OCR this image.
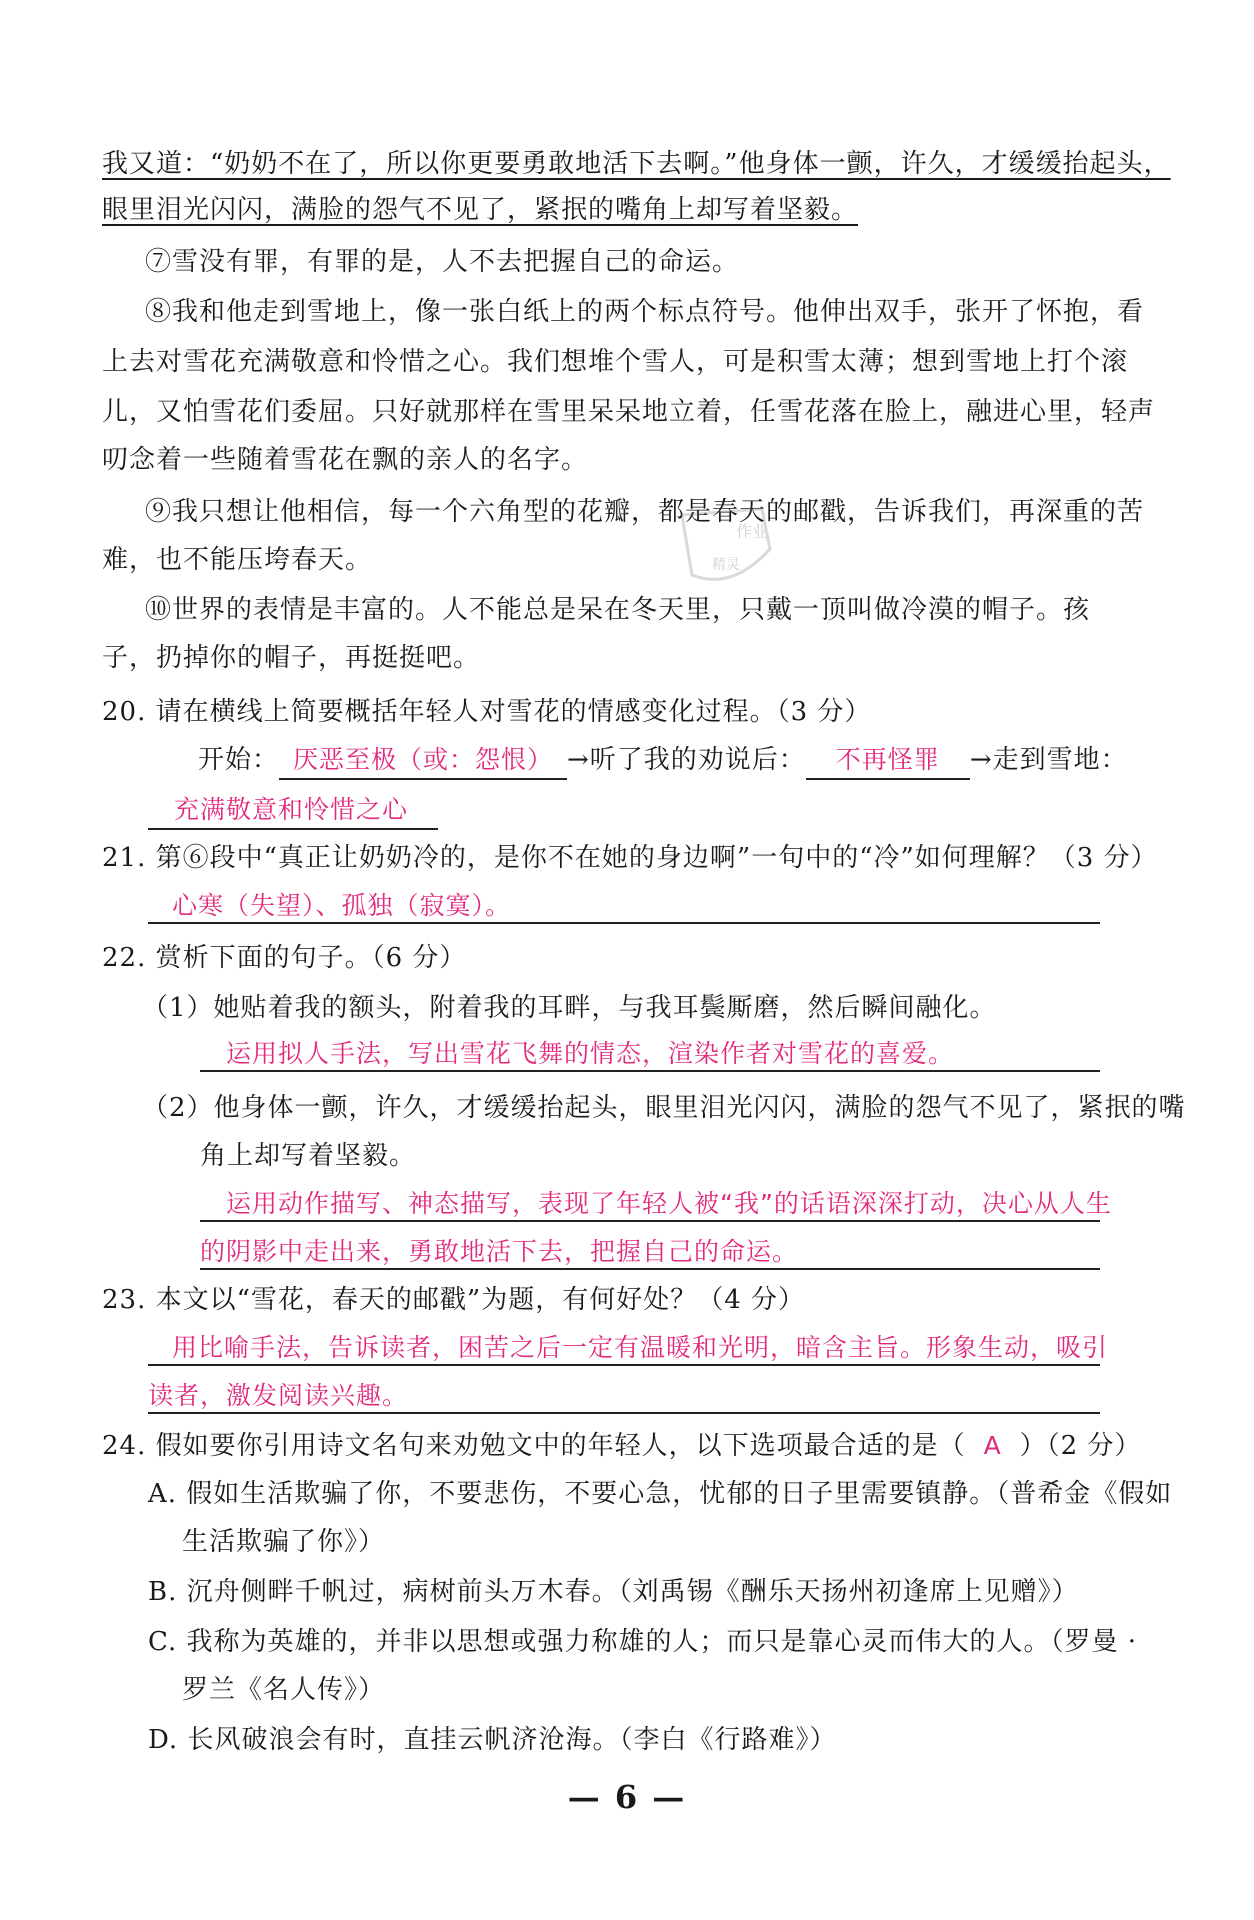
我又道：“奶奶不在了，所以你更要勇敢地活下去啊。”他身体一颤，许久，才缓缓抬起头，
眼里泪光闪闪，满脸的怨气不见了，紧抿的嘴角上却写着坚毅。
⑦雪没有罪，有罪的是，人不去把握自己的命运。
⑧我和他走到雪地上，像一张白纸上的两个标点符号。他伸出双手，张开了怀抱，看
上去对雪花充满敬意和怜惜之心。我们想堆个雪人，可是积雪太薄；想到雪地上打个滚
儿，又怕雪花们委屈。只好就那样在雪里呆呆地立着，任雪花落在脸上，融进心里，轻声
叨念着一些随着雪花在飘的亲人的名字。
⑨我只想让他相信，每一个六角型的花瓣，都是春天的邮戳，告诉我们，再深重的苦
难，也不能压垮春天。
⑩世界的表情是丰富的。人不能总是呆在冬天里，只戴一顶叫做冷漠的帽子。孩
子，扔掉你的帽子，再挺挺吧。
作业
精灵
20. 请在横线上简要概括年轻人对雪花的情感变化过程。（3 分）
开始： 厌恶至极（或：怨恨） →听了我的劝说后： 不再怪罪 →走到雪地：
充满敬意和怜惜之心
21. 第⑥段中“真正让奶奶冷的，是你不在她的身边啊”一句中的“冷”如何理解？（3 分）
心寒（失望）、孤独（寂寞）。
22. 赏析下面的句子。（6 分）
（1）她贴着我的额头，附着我的耳畔，与我耳鬓厮磨，然后瞬间融化。
运用拟人手法，写出雪花飞舞的情态，渲染作者对雪花的喜爱。
（2）他身体一颤，许久，才缓缓抬起头，眼里泪光闪闪，满脸的怨气不见了，紧抿的嘴
角上却写着坚毅。
运用动作描写、神态描写，表现了年轻人被“我”的话语深深打动，决心从人生
的阴影中走出来，勇敢地活下去，把握自己的命运。
23. 本文以“雪花，春天的邮戳”为题，有何好处？（4 分）
用比喻手法，告诉读者，困苦之后一定有温暖和光明，暗含主旨。形象生动，吸引
读者，激发阅读兴趣。
24. 假如要你引用诗文名句来劝勉文中的年轻人，以下选项最合适的是（ A ）（2 分）
A. 假如生活欺骗了你，不要悲伤，不要心急，忧郁的日子里需要镇静。（普希金《假如
生活欺骗了你》）
B. 沉舟侧畔千帆过，病树前头万木春。（刘禹锡《酬乐天扬州初逢席上见赠》）
C. 我称为英雄的，并非以思想或强力称雄的人；而只是靠心灵而伟大的人。（罗曼 ·
罗兰《名人传》）
D. 长风破浪会有时，直挂云帆济沧海。（李白《行路难》）
— 6 —
